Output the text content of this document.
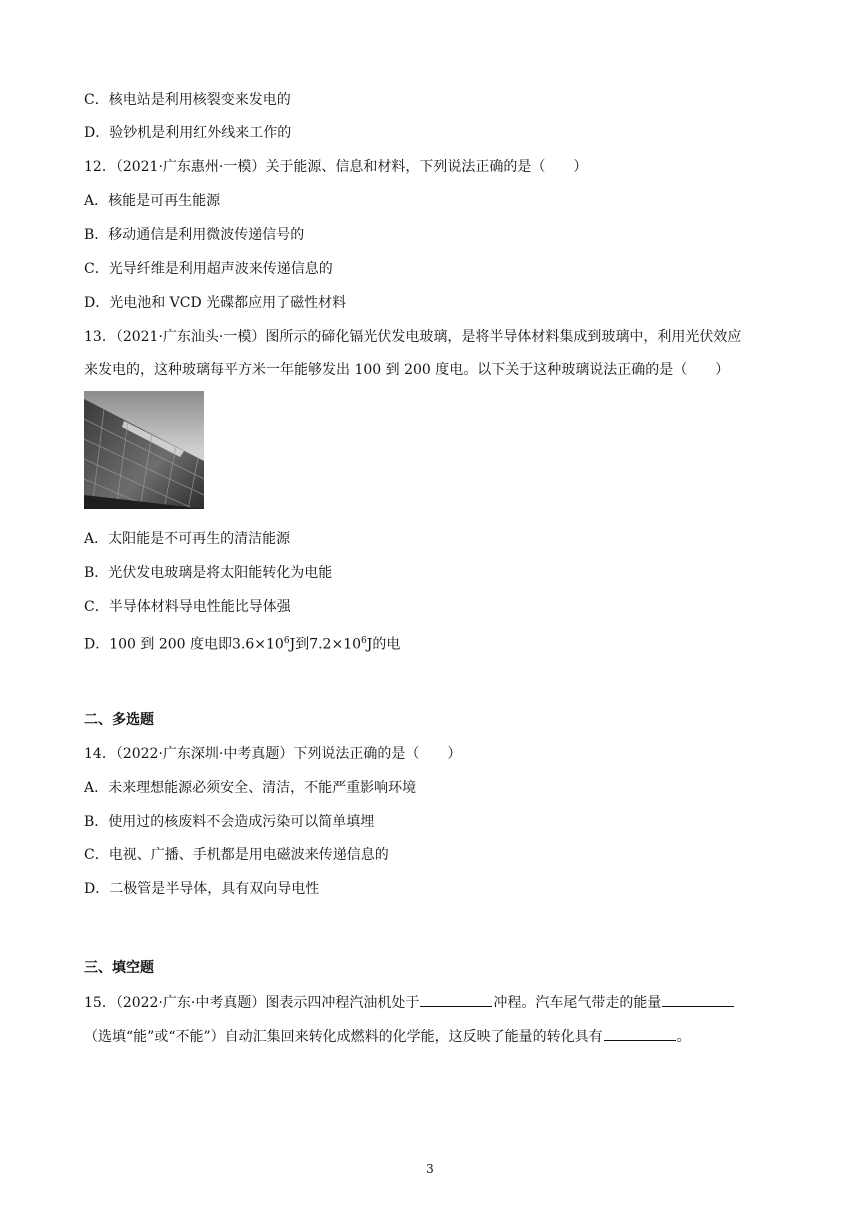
C．核电站是利用核裂变来发电的
D．验钞机是利用红外线来工作的
12．（2021·广东惠州·一模）关于能源、信息和材料，下列说法正确的是（　　）
A．核能是可再生能源
B．移动通信是利用微波传递信号的
C．光导纤维是利用超声波来传递信息的
D．光电池和 VCD 光碟都应用了磁性材料
13．（2021·广东汕头·一模）图所示的碲化镉光伏发电玻璃，是将半导体材料集成到玻璃中，利用光伏效应
来发电的，这种玻璃每平方米一年能够发出 100 到 200 度电。以下关于这种玻璃说法正确的是（　　）
A．太阳能是不可再生的清洁能源
B．光伏发电玻璃是将太阳能转化为电能
C．半导体材料导电性能比导体强
D．100 到 200 度电即$3.6\times 10^6J$到$7.2\times 10^6J$的电
二、多选题
14．（2022·广东深圳·中考真题）下列说法正确的是（　　）
A．未来理想能源必须安全、清洁，不能严重影响环境
B．使用过的核废料不会造成污染可以简单填埋
C．电视、广播、手机都是用电磁波来传递信息的
D．二极管是半导体，具有双向导电性
三、填空题
15．（2022·广东·中考真题）图表示四冲程汽油机处于	冲程。汽车尾气带走的能量
（选填“能”或“不能”）自动汇集回来转化成燃料的化学能，这反映了能量的转化具有	。
3
